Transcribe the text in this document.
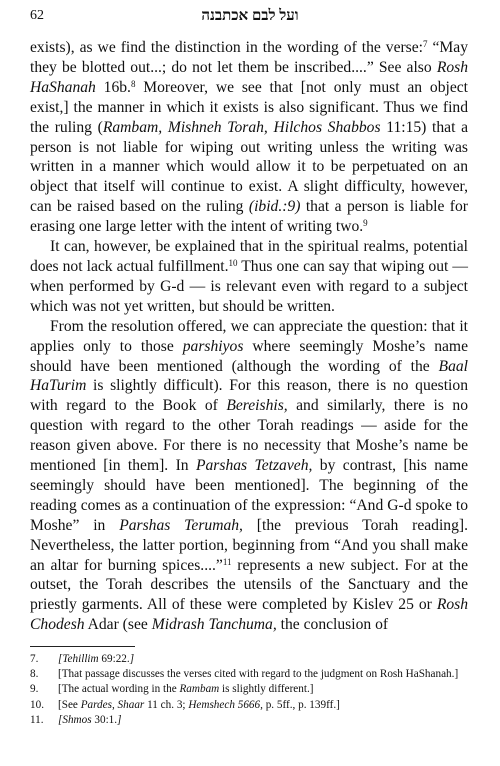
62	ועל לבם אכתבנה

exists), as we find the distinction in the wording of the verse:$^7$ “May they be blotted out...; do not let them be inscribed....” See also Rosh HaShanah 16b.$^8$ Moreover, we see that [not only must an object exist,] the manner in which it exists is also significant. Thus we find the ruling (Rambam, Mishneh Torah, Hilchos Shabbos 11:15) that a person is not liable for wiping out writing unless the writing was written in a manner which would allow it to be perpetuated on an object that itself will continue to exist. A slight difficulty, however, can be raised based on the ruling (ibid.:9) that a person is liable for erasing one large letter with the intent of writing two.$^9$

It can, however, be explained that in the spiritual realms, potential does not lack actual fulfillment.$^{10}$ Thus one can say that wiping out — when performed by G-d — is relevant even with regard to a subject which was not yet written, but should be written.

From the resolution offered, we can appreciate the question: that it applies only to those parshiyos where seemingly Moshe’s name should have been mentioned (although the wording of the Baal HaTurim is slightly difficult). For this reason, there is no question with regard to the Book of Bereishis, and similarly, there is no question with regard to the other Torah readings — aside for the reason given above. For there is no necessity that Moshe’s name be mentioned [in them]. In Parshas Tetzaveh, by contrast, [his name seemingly should have been mentioned]. The beginning of the reading comes as a continuation of the expression: “And G-d spoke to Moshe” in Parshas Terumah, [the previous Torah reading]. Nevertheless, the latter portion, beginning from “And you shall make an altar for burning spices....”$^{11}$ represents a new subject. For at the outset, the Torah describes the utensils of the Sanctuary and the priestly garments. All of these were completed by Kislev 25 or Rosh Chodesh Adar (see Midrash Tanchuma, the conclusion of

7.	[Tehillim 69:22.]
8.	[That passage discusses the verses cited with regard to the judgment on Rosh HaShanah.]
9.	[The actual wording in the Rambam is slightly different.]
10.	[See Pardes, Shaar 11 ch. 3; Hemshech 5666, p. 5ff., p. 139ff.]
11.	[Shmos 30:1.]
